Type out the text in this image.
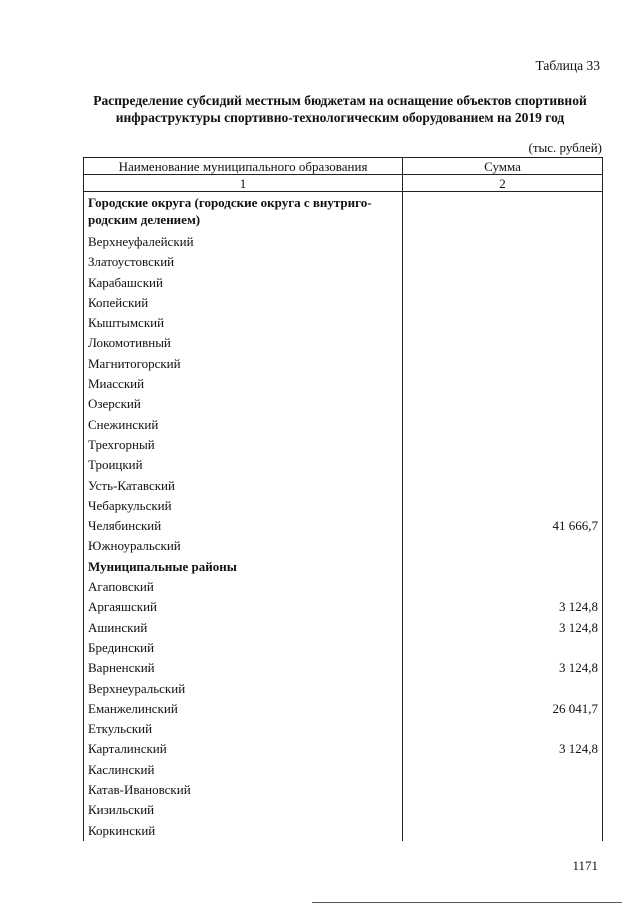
Таблица 33
Распределение субсидий местным бюджетам на оснащение объектов спортивной
инфраструктуры спортивно-технологическим оборудованием на 2019 год
(тыс. рублей)
Наименование муниципального образования	Сумма
1	2
Городские округа (городские округа с внутриго-родским делением)	
Верхнеуфалейский	
Златоустовский	
Карабашский	
Копейский	
Кыштымский	
Локомотивный	
Магнитогорский	
Миасский	
Озерский	
Снежинский	
Трехгорный	
Троицкий	
Усть-Катавский	
Чебаркульский	
Челябинский	41 666,7
Южноуральский	
Муниципальные районы	
Агаповский	
Аргаяшский	3 124,8
Ашинский	3 124,8
Брединский	
Варненский	3 124,8
Верхнеуральский	
Еманжелинский	26 041,7
Еткульский	
Карталинский	3 124,8
Каслинский	
Катав-Ивановский	
Кизильский	
Коркинский	
1171
